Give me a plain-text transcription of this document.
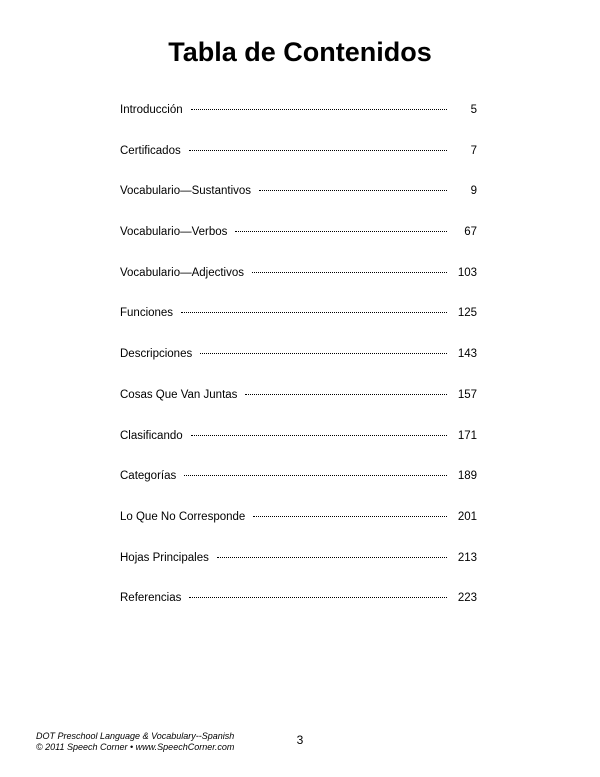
Tabla de Contenidos
Introducción	5
Certificados	7
Vocabulario—Sustantivos	9
Vocabulario—Verbos	67
Vocabulario—Adjectivos	103
Funciones	125
Descripciones	143
Cosas Que Van Juntas	157
Clasificando	171
Categorías	189
Lo Que No Corresponde	201
Hojas Principales	213
Referencias	223
DOT Preschool Language & Vocabulary--Spanish
© 2011 Speech Corner • www.SpeechCorner.com	3
